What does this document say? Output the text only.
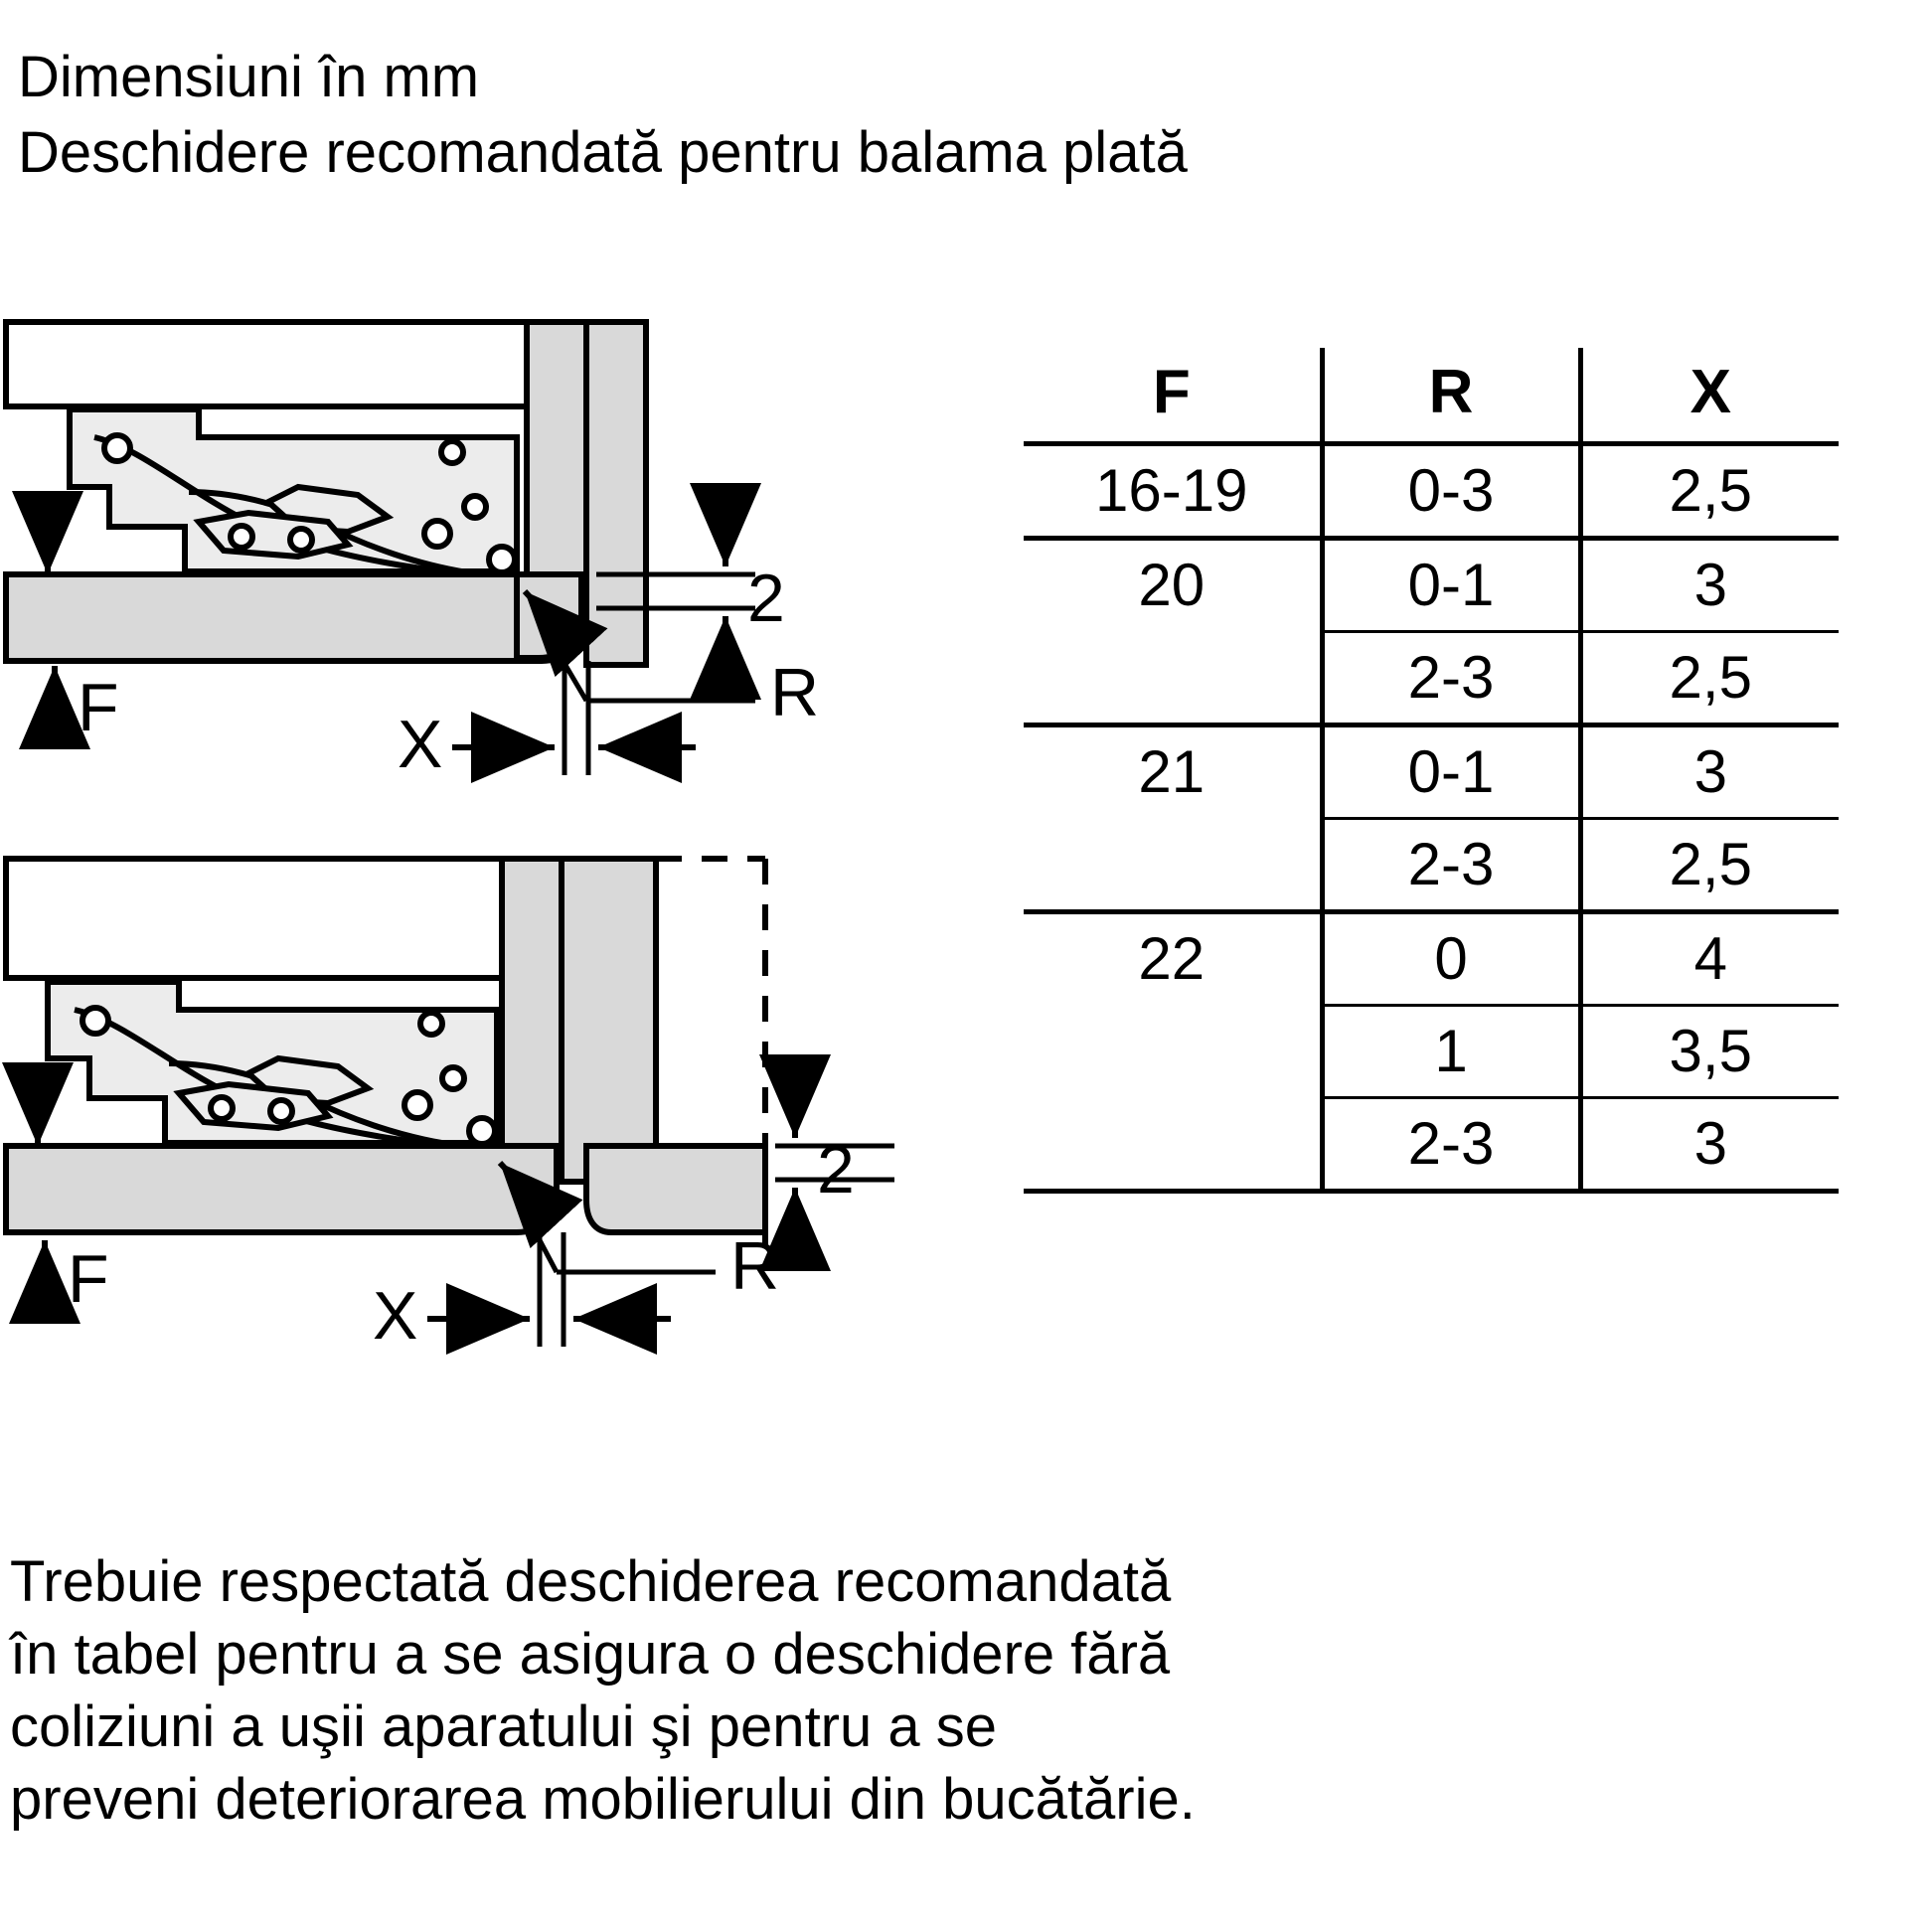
Dimensiuni în mm
Deschidere recomandată pentru balama plată
2
F	R
X
2
F	R
X
F	R	X
16-19	0-3	2,5
20	0-1	3
	2-3	2,5
21	0-1	3
	2-3	2,5
22	0	4
	1	3,5
	2-3	3
Trebuie respectată deschiderea recomandată
în tabel pentru a se asigura o deschidere fără
coliziuni a uşii aparatului şi pentru a se
preveni deteriorarea mobilierului din bucătărie.
